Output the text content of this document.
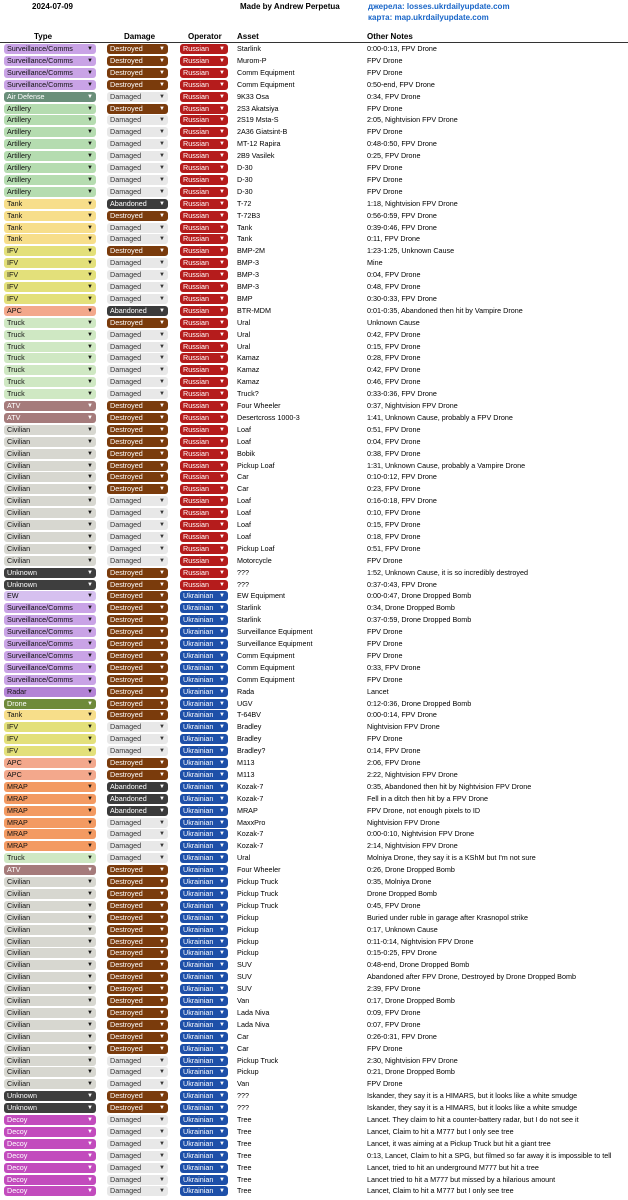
2024-07-09	Made by Andrew Perpetua	джерела: losses.ukrdailyupdate.com
карта: map.ukrdailyupdate.com
Type	Damage	Operator Asset	Other Notes
Surveillance/Comms ▼	Destroyed	▼	Russian ▼ Starlink	0:00-0:13, FPV Drone
Surveillance/Comms ▼	Destroyed	▼	Russian ▼ Murom-P	FPV Drone
Surveillance/Comms ▼	Destroyed	▼	Russian ▼ Comm Equipment	FPV Drone
Surveillance/Comms ▼	Destroyed	▼	Russian ▼ Comm Equipment	0:50-end, FPV Drone
Air Defense	▼	Damaged	▼	Russian ▼ 9K33 Osa	0:34, FPV Drone
Artillery	▼	Destroyed	▼	Russian ▼ 2S3 Akatsiya	FPV Drone
Artillery	▼	Damaged	▼	Russian ▼ 2S19 Msta-S	2:05, Nightvision FPV Drone
Artillery	▼	Damaged	▼	Russian ▼ 2A36 Giatsint-B	FPV Drone
Artillery	▼	Damaged	▼	Russian ▼ MT-12 Rapira	0:48-0:50, FPV Drone
Artillery	▼	Damaged	▼	Russian ▼ 2B9 Vasilek	0:25, FPV Drone
Artillery	▼	Damaged	▼	Russian ▼ D-30	FPV Drone
Artillery	▼	Damaged	▼	Russian ▼ D-30	FPV Drone
Artillery	▼	Damaged	▼	Russian ▼ D-30	FPV Drone
Tank	▼	Abandoned ▼	Russian ▼ T-72	1:18, Nightvision FPV Drone
Tank	▼	Destroyed	▼	Russian ▼ T-72B3	0:56-0:59, FPV Drone
Tank	▼	Damaged	▼	Russian ▼ Tank	0:39-0:46, FPV Drone
Tank	▼	Damaged	▼	Russian ▼ Tank	0:11, FPV Drone
IFV	▼	Destroyed	▼	Russian ▼ BMP-2M	1:23-1:25, Unknown Cause
IFV	▼	Damaged	▼	Russian ▼ BMP-3	Mine
IFV	▼	Damaged	▼	Russian ▼ BMP-3	0:04, FPV Drone
IFV	▼	Damaged	▼	Russian ▼ BMP-3	0:48, FPV Drone
IFV	▼	Damaged	▼	Russian ▼ BMP	0:30-0:33, FPV Drone
APC	▼	Abandoned ▼	Russian ▼ BTR-MDM	0:01-0:35, Abandoned then hit by Vampire Drone
Truck	▼	Destroyed	▼	Russian ▼ Ural	Unknown Cause
Truck	▼	Damaged	▼	Russian ▼ Ural	0:42, FPV Drone
Truck	▼	Damaged	▼	Russian ▼ Ural	0:15, FPV Drone
Truck	▼	Damaged	▼	Russian ▼ Kamaz	0:28, FPV Drone
Truck	▼	Damaged	▼	Russian ▼ Kamaz	0:42, FPV Drone
Truck	▼	Damaged	▼	Russian ▼ Kamaz	0:46, FPV Drone
Truck	▼	Damaged	▼	Russian ▼ Truck?	0:33-0:36, FPV Drone
ATV	▼	Destroyed	▼	Russian ▼ Four Wheeler	0:37, Nightvision FPV Drone
ATV	▼	Destroyed	▼	Russian ▼ Desertcross 1000-3	1:41, Unknown Cause, probably a FPV Drone
Civilian	▼	Destroyed	▼	Russian ▼ Loaf	0:51, FPV Drone
Civilian	▼	Destroyed	▼	Russian ▼ Loaf	0:04, FPV Drone
Civilian	▼	Destroyed	▼	Russian ▼ Bobik	0:38, FPV Drone
Civilian	▼	Destroyed	▼	Russian ▼ Pickup Loaf	1:31, Unknown Cause, probably a Vampire Drone
Civilian	▼	Destroyed	▼	Russian ▼ Car	0:10-0:12, FPV Drone
Civilian	▼	Destroyed	▼	Russian ▼ Car	0:23, FPV Drone
Civilian	▼	Damaged	▼	Russian ▼ Loaf	0:16-0:18, FPV Drone
Civilian	▼	Damaged	▼	Russian ▼ Loaf	0:10, FPV Drone
Civilian	▼	Damaged	▼	Russian ▼ Loaf	0:15, FPV Drone
Civilian	▼	Damaged	▼	Russian ▼ Loaf	0:18, FPV Drone
Civilian	▼	Damaged	▼	Russian ▼ Pickup Loaf	0:51, FPV Drone
Civilian	▼	Damaged	▼	Russian ▼ Motorcycle	FPV Drone
Unknown	▼	Destroyed	▼	Russian ▼ ???	1:52, Unknown Cause, it is so incredibly destroyed
Unknown	▼	Destroyed	▼	Russian ▼ ???	0:37-0:43, FPV Drone
EW	▼	Destroyed	▼	Ukrainian ▼ EW Equipment	0:00-0:47, Drone Dropped Bomb
Surveillance/Comms ▼	Destroyed	▼	Ukrainian ▼ Starlink	0:34, Drone Dropped Bomb
Surveillance/Comms ▼	Destroyed	▼	Ukrainian ▼ Starlink	0:37-0:59, Drone Dropped Bomb
Surveillance/Comms ▼	Destroyed	▼	Ukrainian ▼ Surveillance Equipment	FPV Drone
Surveillance/Comms ▼	Destroyed	▼	Ukrainian ▼ Surveillance Equipment	FPV Drone
Surveillance/Comms ▼	Destroyed	▼	Ukrainian ▼ Comm Equipment	FPV Drone
Surveillance/Comms ▼	Destroyed	▼	Ukrainian ▼ Comm Equipment	0:33, FPV Drone
Surveillance/Comms ▼	Destroyed	▼	Ukrainian ▼ Comm Equipment	FPV Drone
Radar	▼	Destroyed	▼	Ukrainian ▼ Rada	Lancet
Drone	▼	Destroyed	▼	Ukrainian ▼ UGV	0:12-0:36, Drone Dropped Bomb
Tank	▼	Destroyed	▼	Ukrainian ▼ T-64BV	0:00-0:14, FPV Drone
IFV	▼	Damaged	▼	Ukrainian ▼ Bradley	Nightvision FPV Drone
IFV	▼	Damaged	▼	Ukrainian ▼ Bradley	FPV Drone
IFV	▼	Damaged	▼	Ukrainian ▼ Bradley?	0:14, FPV Drone
APC	▼	Destroyed	▼	Ukrainian ▼ M113	2:06, FPV Drone
APC	▼	Destroyed	▼	Ukrainian ▼ M113	2:22, Nightvision FPV Drone
MRAP	▼	Abandoned ▼	Ukrainian ▼ Kozak-7	0:35, Abandoned then hit by Nightvision FPV Drone
MRAP	▼	Abandoned ▼	Ukrainian ▼ Kozak-7	Fell in a ditch then hit by a FPV Drone
MRAP	▼	Abandoned ▼	Ukrainian ▼ MRAP	FPV Drone, not enough pixels to ID
MRAP	▼	Damaged	▼	Ukrainian ▼ MaxxPro	Nightvision FPV Drone
MRAP	▼	Damaged	▼	Ukrainian ▼ Kozak-7	0:00-0:10, Nightvision FPV Drone
MRAP	▼	Damaged	▼	Ukrainian ▼ Kozak-7	2:14, Nightvision FPV Drone
Truck	▼	Damaged	▼	Ukrainian ▼ Ural	Molniya Drone, they say it is a KShM but I'm not sure
ATV	▼	Destroyed	▼	Ukrainian ▼ Four Wheeler	0:26, Drone Dropped Bomb
Civilian	▼	Destroyed	▼	Ukrainian ▼ Pickup Truck	0:35, Molniya Drone
Civilian	▼	Destroyed	▼	Ukrainian ▼ Pickup Truck	Drone Dropped Bomb
Civilian	▼	Destroyed	▼	Ukrainian ▼ Pickup Truck	0:45, FPV Drone
Civilian	▼	Destroyed	▼	Ukrainian ▼ Pickup	Buried under ruble in garage after Krasnopol strike
Civilian	▼	Destroyed	▼	Ukrainian ▼ Pickup	0:17, Unknown Cause
Civilian	▼	Destroyed	▼	Ukrainian ▼ Pickup	0:11-0:14, Nightvision FPV Drone
Civilian	▼	Destroyed	▼	Ukrainian ▼ Pickup	0:15-0:25, FPV Drone
Civilian	▼	Destroyed	▼	Ukrainian ▼ SUV	0:48-end, Drone Dropped Bomb
Civilian	▼	Destroyed	▼	Ukrainian ▼ SUV	Abandoned after FPV Drone, Destroyed by Drone Dropped Bomb
Civilian	▼	Destroyed	▼	Ukrainian ▼ SUV	2:39, FPV Drone
Civilian	▼	Destroyed	▼	Ukrainian ▼ Van	0:17, Drone Dropped Bomb
Civilian	▼	Destroyed	▼	Ukrainian ▼ Lada Niva	0:09, FPV Drone
Civilian	▼	Destroyed	▼	Ukrainian ▼ Lada Niva	0:07, FPV Drone
Civilian	▼	Destroyed	▼	Ukrainian ▼ Car	0:26-0:31, FPV Drone
Civilian	▼	Destroyed	▼	Ukrainian ▼ Car	FPV Drone
Civilian	▼	Damaged	▼	Ukrainian ▼ Pickup Truck	2:30, Nightvision FPV Drone
Civilian	▼	Damaged	▼	Ukrainian ▼ Pickup	0:21, Drone Dropped Bomb
Civilian	▼	Damaged	▼	Ukrainian ▼ Van	FPV Drone
Unknown	▼	Destroyed	▼	Ukrainian ▼ ???	Iskander, they say it is a HIMARS, but it looks like a white smudge
Unknown	▼	Destroyed	▼	Ukrainian ▼ ???	Iskander, they say it is a HIMARS, but it looks like a white smudge
Decoy	▼	Damaged	▼	Ukrainian ▼ Tree	Lancet. They claim to hit a counter-battery radar, but I do not see it
Decoy	▼	Damaged	▼	Ukrainian ▼ Tree	Lancet, Claim to hit a M777 but I only see tree
Decoy	▼	Damaged	▼	Ukrainian ▼ Tree	Lancet, it was aiming at a Pickup Truck but hit a giant tree
Decoy	▼	Damaged	▼	Ukrainian ▼ Tree	0:13, Lancet, Claim to hit a SPG, but filmed so far away it is impossible to tell
Decoy	▼	Damaged	▼	Ukrainian ▼ Tree	Lancet, tried to hit an underground M777 but hit a tree
Decoy	▼	Damaged	▼	Ukrainian ▼ Tree	Lancet tried to hit a M777 but missed by a hilarious amount
Decoy	▼	Damaged	▼	Ukrainian ▼ Tree	Lancet, Claim to hit a M777 but I only see tree
